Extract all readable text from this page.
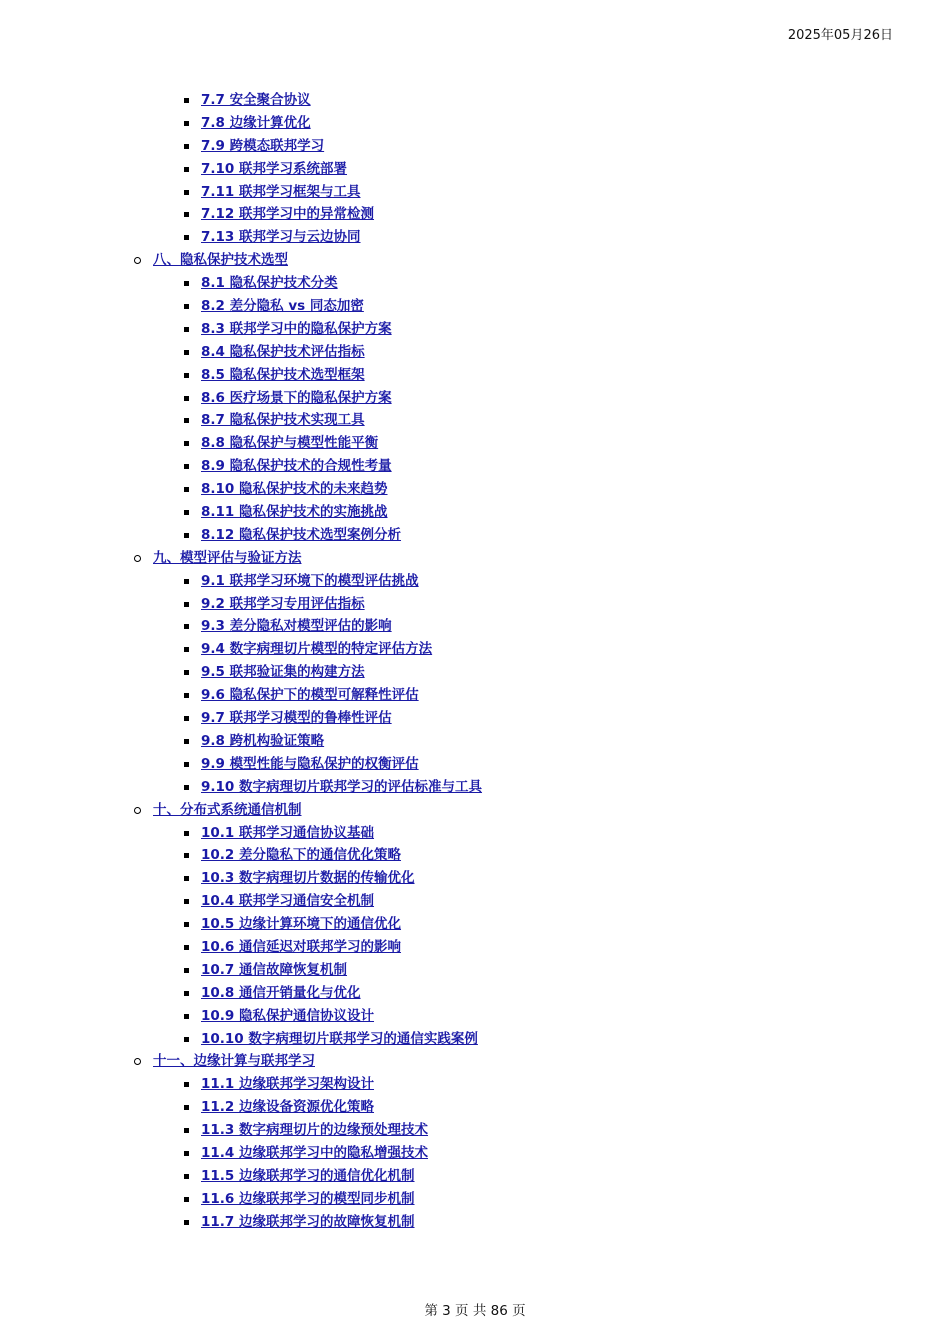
2025年05月26日
7.7 安全聚合协议
7.8 边缘计算优化
7.9 跨模态联邦学习
7.10 联邦学习系统部署
7.11 联邦学习框架与工具
7.12 联邦学习中的异常检测
7.13 联邦学习与云边协同
八、隐私保护技术选型
8.1 隐私保护技术分类
8.2 差分隐私 vs 同态加密
8.3 联邦学习中的隐私保护方案
8.4 隐私保护技术评估指标
8.5 隐私保护技术选型框架
8.6 医疗场景下的隐私保护方案
8.7 隐私保护技术实现工具
8.8 隐私保护与模型性能平衡
8.9 隐私保护技术的合规性考量
8.10 隐私保护技术的未来趋势
8.11 隐私保护技术的实施挑战
8.12 隐私保护技术选型案例分析
九、模型评估与验证方法
9.1 联邦学习环境下的模型评估挑战
9.2 联邦学习专用评估指标
9.3 差分隐私对模型评估的影响
9.4 数字病理切片模型的特定评估方法
9.5 联邦验证集的构建方法
9.6 隐私保护下的模型可解释性评估
9.7 联邦学习模型的鲁棒性评估
9.8 跨机构验证策略
9.9 模型性能与隐私保护的权衡评估
9.10 数字病理切片联邦学习的评估标准与工具
十、分布式系统通信机制
10.1 联邦学习通信协议基础
10.2 差分隐私下的通信优化策略
10.3 数字病理切片数据的传输优化
10.4 联邦学习通信安全机制
10.5 边缘计算环境下的通信优化
10.6 通信延迟对联邦学习的影响
10.7 通信故障恢复机制
10.8 通信开销量化与优化
10.9 隐私保护通信协议设计
10.10 数字病理切片联邦学习的通信实践案例
十一、边缘计算与联邦学习
11.1 边缘联邦学习架构设计
11.2 边缘设备资源优化策略
11.3 数字病理切片的边缘预处理技术
11.4 边缘联邦学习中的隐私增强技术
11.5 边缘联邦学习的通信优化机制
11.6 边缘联邦学习的模型同步机制
11.7 边缘联邦学习的故障恢复机制
第 3 页 共 86 页
